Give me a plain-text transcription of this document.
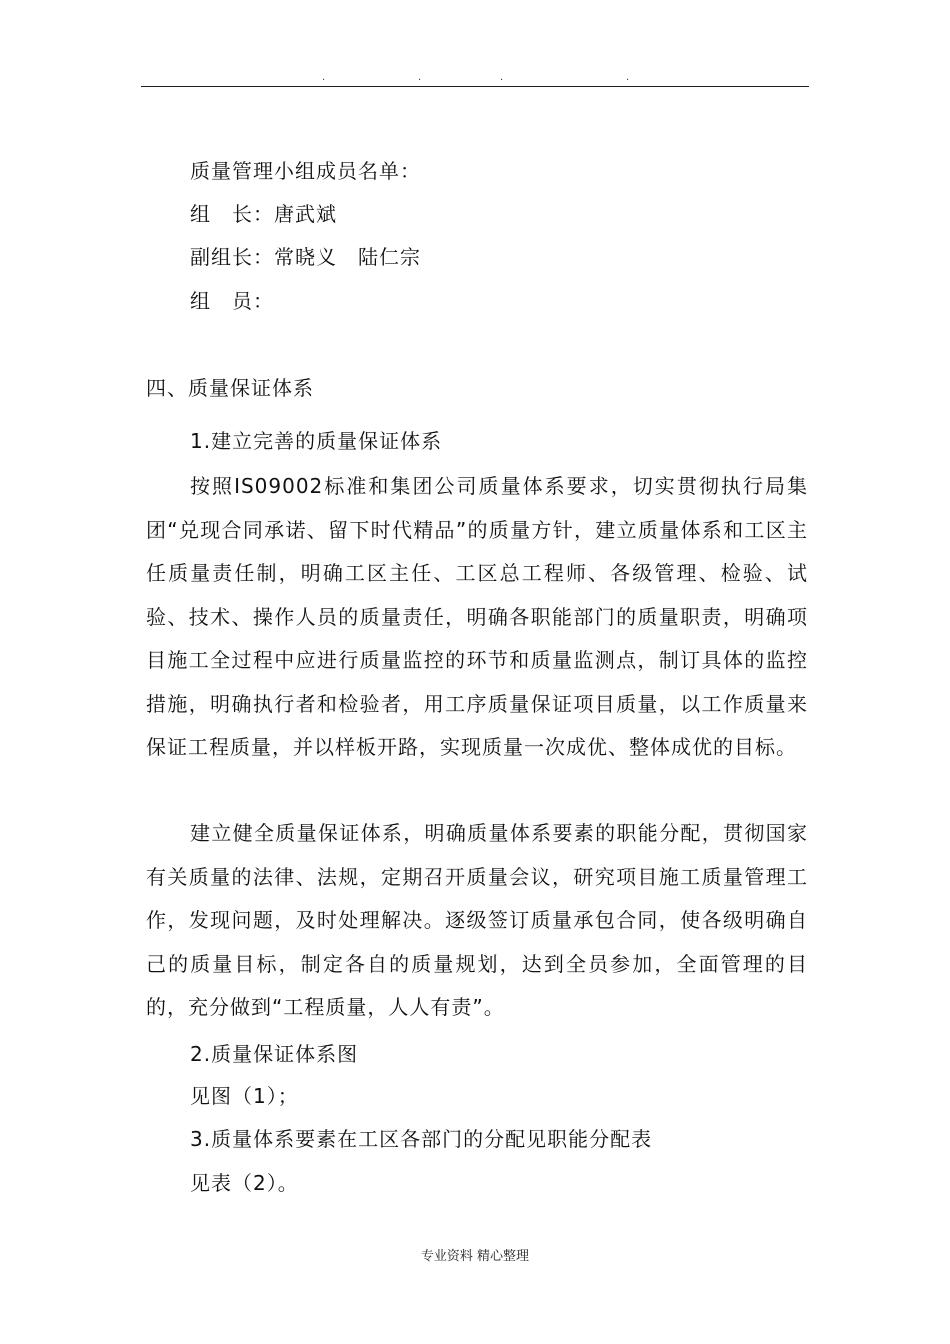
.	.	.	.
质量管理小组成员名单：
组　长：唐武斌
副组长：常晓义　陆仁宗
组　员：
四、质量保证体系
1.建立完善的质量保证体系
按照IS09002标准和集团公司质量体系要求，切实贯彻执行局集团“兑现合同承诺、留下时代精品”的质量方针，建立质量体系和工区主任质量责任制，明确工区主任、工区总工程师、各级管理、检验、试验、技术、操作人员的质量责任，明确各职能部门的质量职责，明确项目施工全过程中应进行质量监控的环节和质量监测点，制订具体的监控措施，明确执行者和检验者，用工序质量保证项目质量，以工作质量来保证工程质量，并以样板开路，实现质量一次成优、整体成优的目标。
建立健全质量保证体系，明确质量体系要素的职能分配，贯彻国家有关质量的法律、法规，定期召开质量会议，研究项目施工质量管理工作，发现问题，及时处理解决。逐级签订质量承包合同，使各级明确自己的质量目标，制定各自的质量规划，达到全员参加，全面管理的目的，充分做到“工程质量，人人有责”。
2.质量保证体系图
见图（1）；
3.质量体系要素在工区各部门的分配见职能分配表
见表（2）。
专业资料 精心整理
